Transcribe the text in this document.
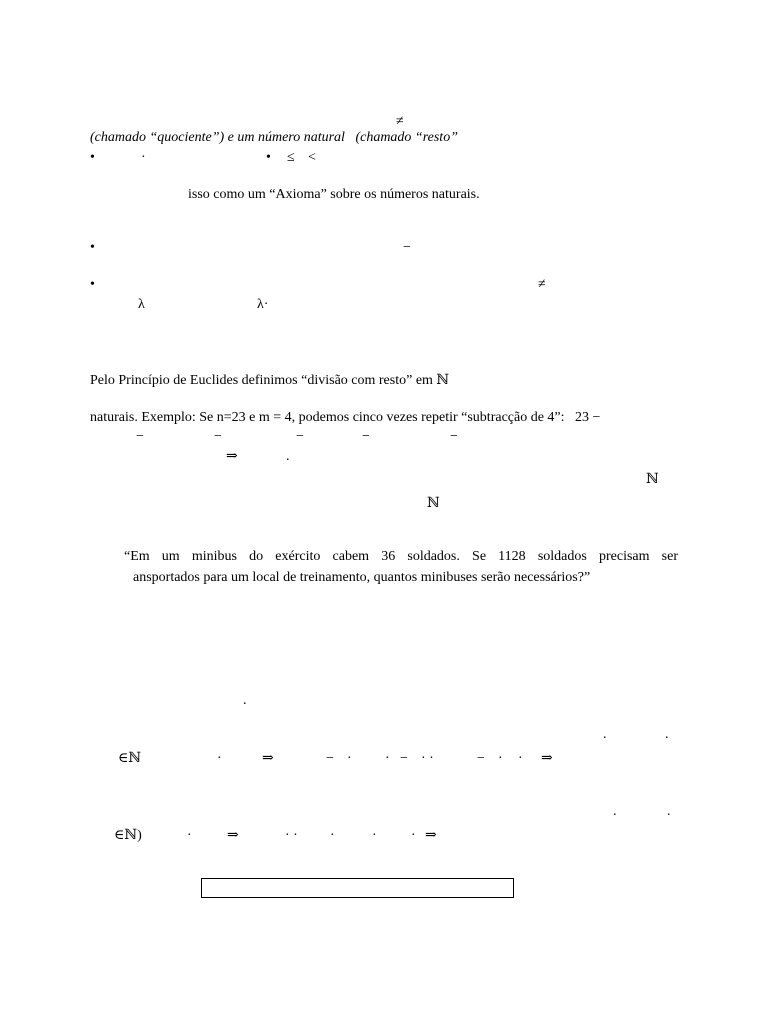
≠
(chamado “quociente”) e um número natural   (chamado “resto”
•	·	• ≤ <
isso como um “Axioma” sobre os números naturais.
•	−
•	≠
λ	λ·
Pelo Princípio de Euclides definimos “divisão com resto” em ℕ
naturais. Exemplo: Se n=23 e m = 4, podemos cinco vezes repetir “subtracção de 4”:   23 −
−	−	−	−	−
⇒	.
ℕ
ℕ
“Em um minibus do exército cabem 36 soldados. Se 1128 soldados precisam ser
ansportados para um local de treinamento, quantos minibuses serão necessários?”
.
.	.
∈ℕ	·	⇒	− · · − · ·	− · · ⇒
.	.
∈ℕ)	·	⇒	· · ·	· · ⇒
